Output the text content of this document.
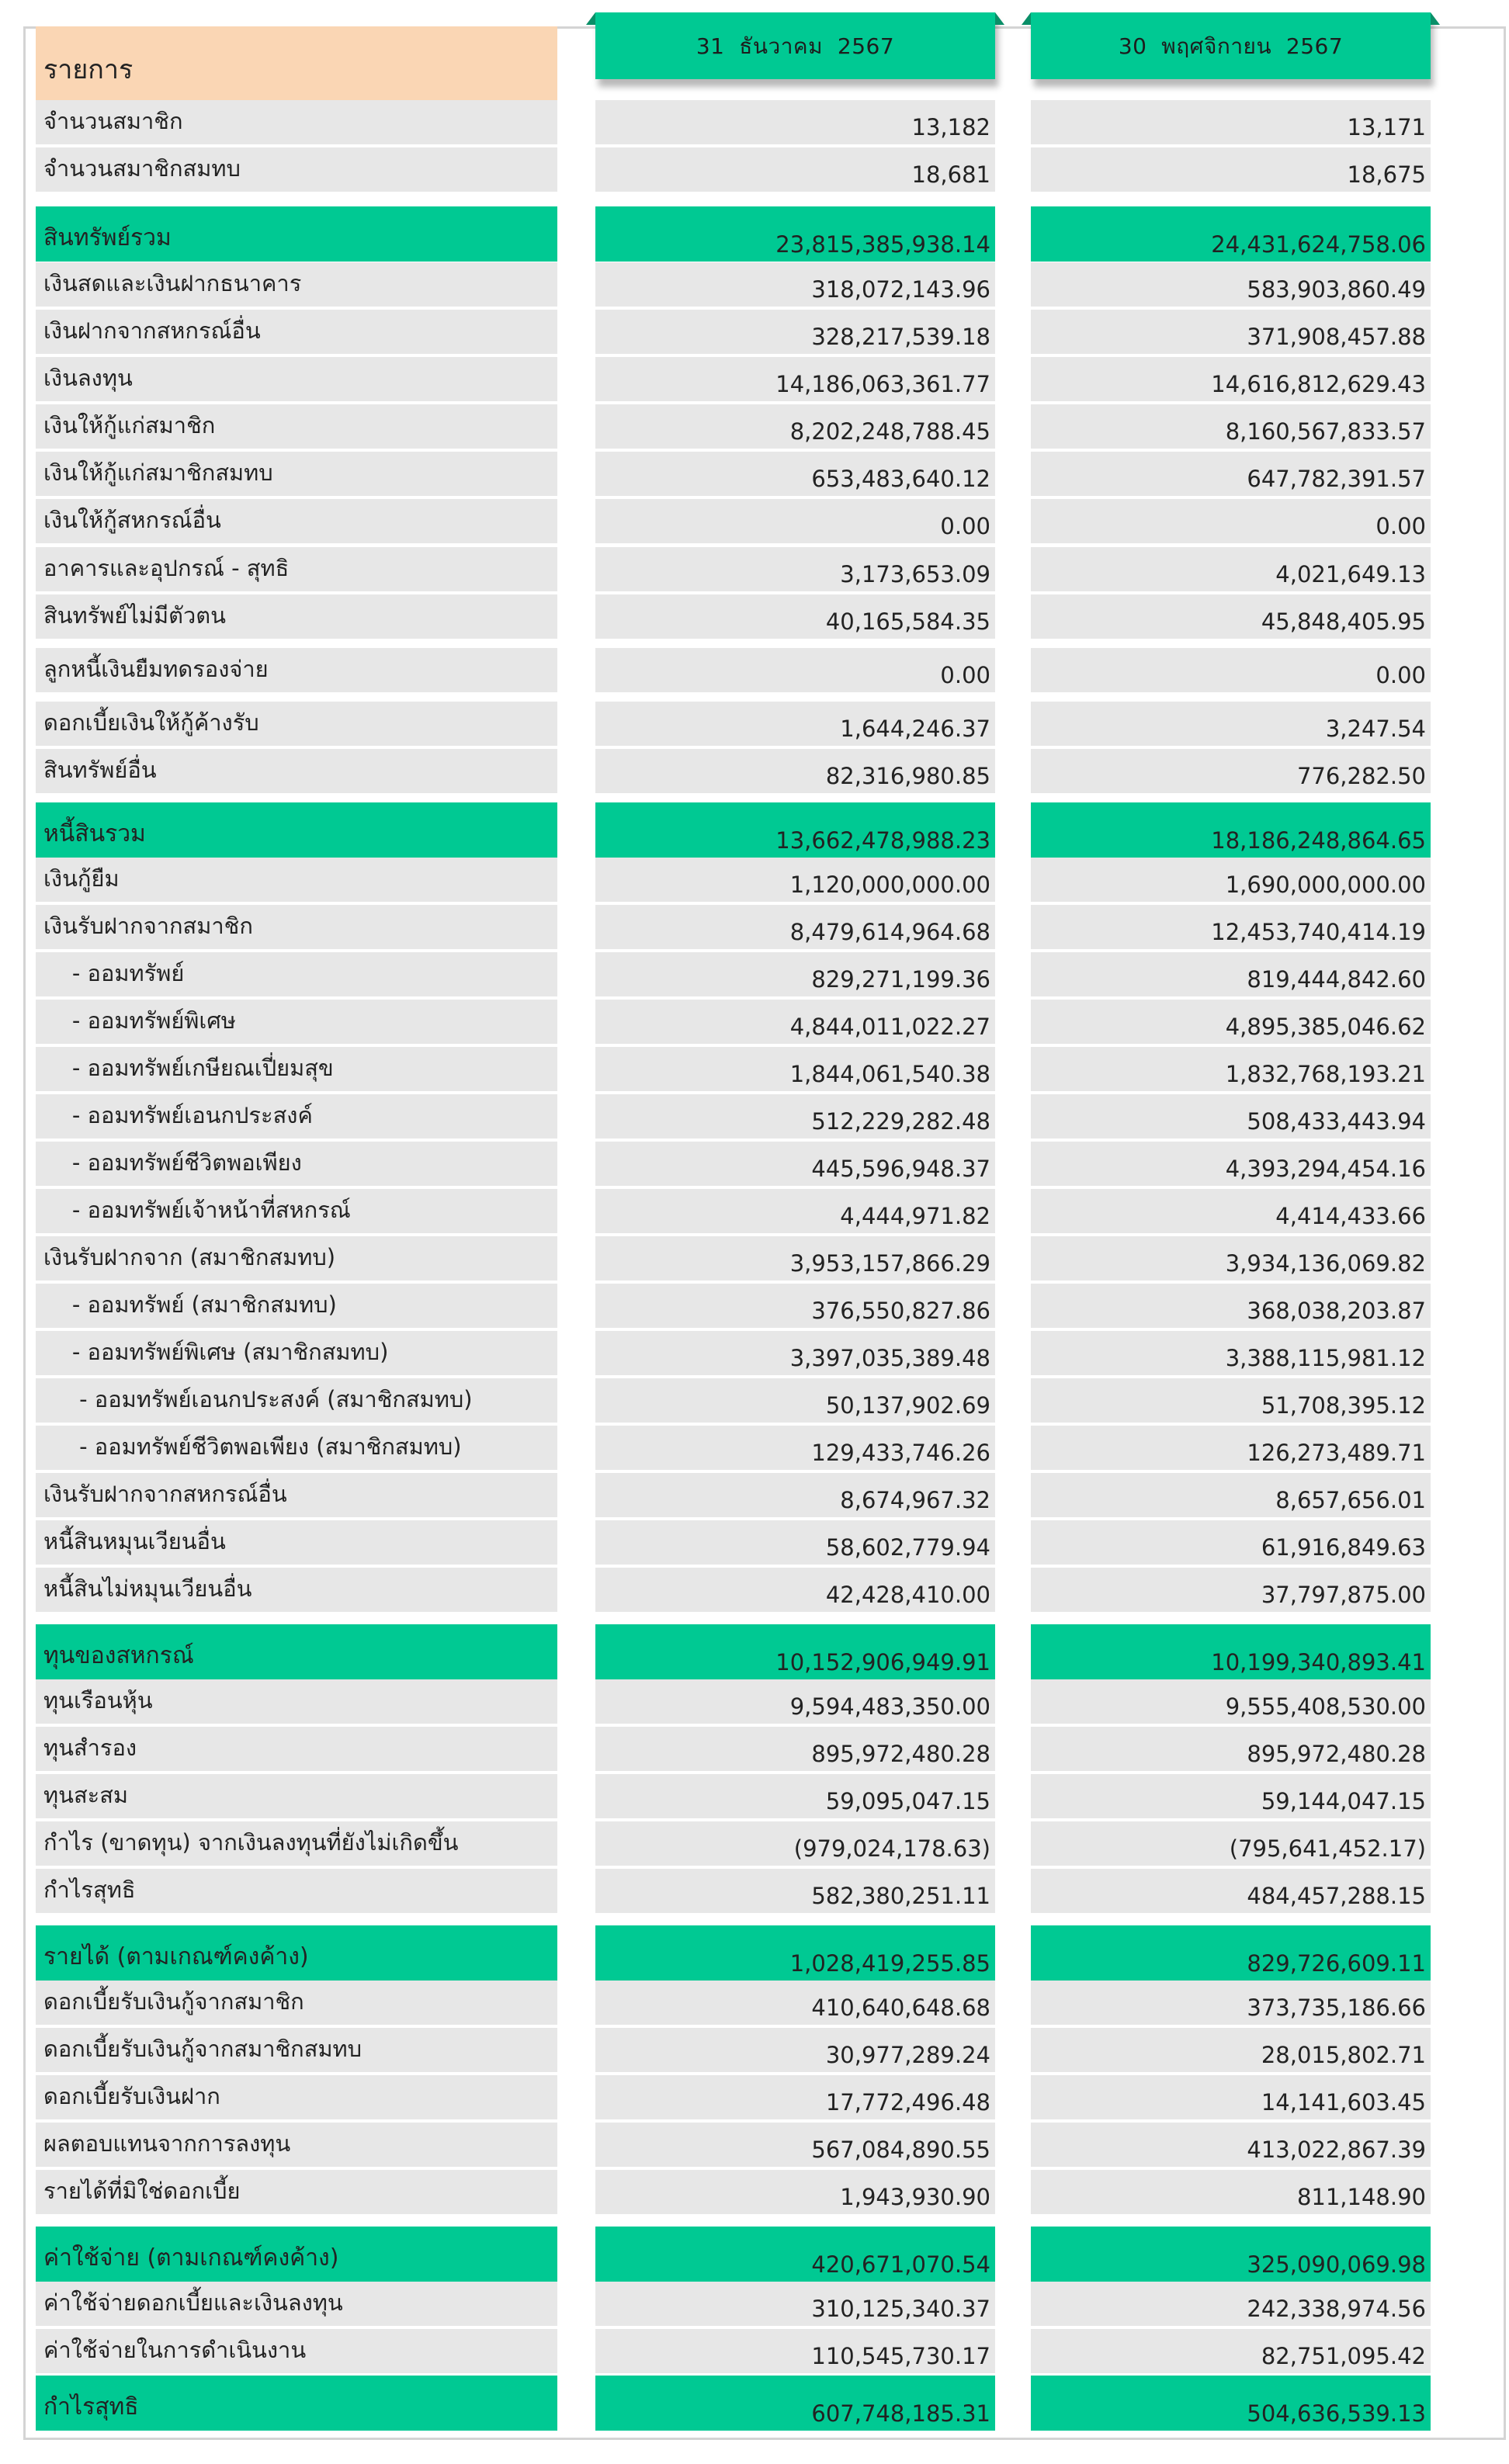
รายการ
31  ธันวาคม  2567	30  พฤศจิกายน  2567
จำนวนสมาชิก	13,182	13,171
จำนวนสมาชิกสมทบ	18,681	18,675
สินทรัพย์รวม	23,815,385,938.14	24,431,624,758.06
เงินสดและเงินฝากธนาคาร	318,072,143.96	583,903,860.49
เงินฝากจากสหกรณ์อื่น	328,217,539.18	371,908,457.88
เงินลงทุน	14,186,063,361.77	14,616,812,629.43
เงินให้กู้แก่สมาชิก	8,202,248,788.45	8,160,567,833.57
เงินให้กู้แก่สมาชิกสมทบ	653,483,640.12	647,782,391.57
เงินให้กู้สหกรณ์อื่น	0.00	0.00
อาคารและอุปกรณ์ - สุทธิ	3,173,653.09	4,021,649.13
สินทรัพย์ไม่มีตัวตน	40,165,584.35	45,848,405.95
ลูกหนี้เงินยืมทดรองจ่าย	0.00	0.00
ดอกเบี้ยเงินให้กู้ค้างรับ	1,644,246.37	3,247.54
สินทรัพย์อื่น	82,316,980.85	776,282.50
หนี้สินรวม	13,662,478,988.23	18,186,248,864.65
เงินกู้ยืม	1,120,000,000.00	1,690,000,000.00
เงินรับฝากจากสมาชิก	8,479,614,964.68	12,453,740,414.19
- ออมทรัพย์	829,271,199.36	819,444,842.60
- ออมทรัพย์พิเศษ	4,844,011,022.27	4,895,385,046.62
- ออมทรัพย์เกษียณเปี่ยมสุข	1,844,061,540.38	1,832,768,193.21
- ออมทรัพย์เอนกประสงค์	512,229,282.48	508,433,443.94
- ออมทรัพย์ชีวิตพอเพียง	445,596,948.37	4,393,294,454.16
- ออมทรัพย์เจ้าหน้าที่สหกรณ์	4,444,971.82	4,414,433.66
เงินรับฝากจาก (สมาชิกสมทบ)	3,953,157,866.29	3,934,136,069.82
- ออมทรัพย์ (สมาชิกสมทบ)	376,550,827.86	368,038,203.87
- ออมทรัพย์พิเศษ (สมาชิกสมทบ)	3,397,035,389.48	3,388,115,981.12
- ออมทรัพย์เอนกประสงค์ (สมาชิกสมทบ)	50,137,902.69	51,708,395.12
- ออมทรัพย์ชีวิตพอเพียง (สมาชิกสมทบ)	129,433,746.26	126,273,489.71
เงินรับฝากจากสหกรณ์อื่น	8,674,967.32	8,657,656.01
หนี้สินหมุนเวียนอื่น	58,602,779.94	61,916,849.63
หนี้สินไม่หมุนเวียนอื่น	42,428,410.00	37,797,875.00
ทุนของสหกรณ์	10,152,906,949.91	10,199,340,893.41
ทุนเรือนหุ้น	9,594,483,350.00	9,555,408,530.00
ทุนสำรอง	895,972,480.28	895,972,480.28
ทุนสะสม	59,095,047.15	59,144,047.15
กำไร (ขาดทุน) จากเงินลงทุนที่ยังไม่เกิดขึ้น	(979,024,178.63)	(795,641,452.17)
กำไรสุทธิ	582,380,251.11	484,457,288.15
รายได้ (ตามเกณฑ์คงค้าง)	1,028,419,255.85	829,726,609.11
ดอกเบี้ยรับเงินกู้จากสมาชิก	410,640,648.68	373,735,186.66
ดอกเบี้ยรับเงินกู้จากสมาชิกสมทบ	30,977,289.24	28,015,802.71
ดอกเบี้ยรับเงินฝาก	17,772,496.48	14,141,603.45
ผลตอบแทนจากการลงทุน	567,084,890.55	413,022,867.39
รายได้ที่มิใช่ดอกเบี้ย	1,943,930.90	811,148.90
ค่าใช้จ่าย (ตามเกณฑ์คงค้าง)	420,671,070.54	325,090,069.98
ค่าใช้จ่ายดอกเบี้ยและเงินลงทุน	310,125,340.37	242,338,974.56
ค่าใช้จ่ายในการดำเนินงาน	110,545,730.17	82,751,095.42
กำไรสุทธิ	607,748,185.31	504,636,539.13
